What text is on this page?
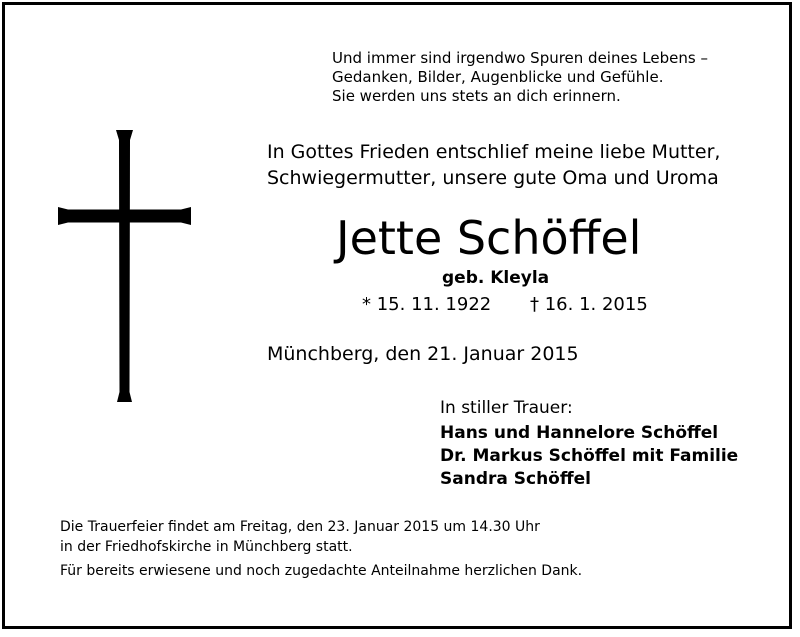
Und immer sind irgendwo Spuren deines Lebens –
Gedanken, Bilder, Augenblicke und Gefühle.
Sie werden uns stets an dich erinnern.
In Gottes Frieden entschlief meine liebe Mutter,
Schwiegermutter, unsere gute Oma und Uroma
Jette Schöffel
geb. Kleyla
* 15. 11. 1922 † 16. 1. 2015
Münchberg, den 21. Januar 2015
In stiller Trauer:
Hans und Hannelore Schöffel
Dr. Markus Schöffel mit Familie
Sandra Schöffel
Die Trauerfeier findet am Freitag, den 23. Januar 2015 um 14.30 Uhr
in der Friedhofskirche in Münchberg statt.
Für bereits erwiesene und noch zugedachte Anteilnahme herzlichen Dank.
